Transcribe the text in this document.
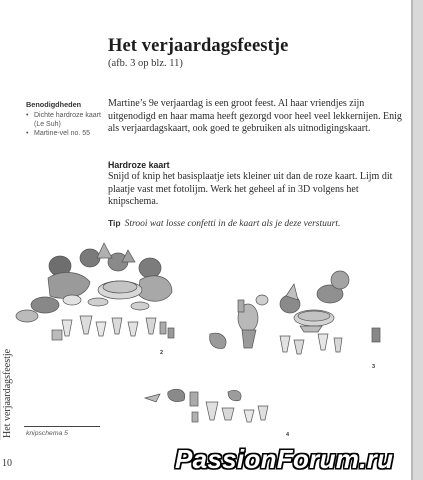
Het verjaardagsfeestje
(afb. 3 op blz. 11)
Benodigdheden
• Dichte hardroze kaart (Le Suh)
• Martine-vel no. 55
Martine’s 9e verjaardag is een groot feest. Al haar vriendjes zijn uitgenodigd en haar mama heeft gezorgd voor heel veel lekkernijen. Enig als verjaardagskaart, ook goed te gebruiken als uitnodigingskaart.
Hardroze kaart
Snijd of knip het basisplaatje iets kleiner uit dan de roze kaart. Lijm dit plaatje vast met fotolijm. Werk het geheel af in 3D volgens het knipschema.
Tip Strooi wat losse confetti in de kaart als je deze verstuurt.
2
3
4
Het verjaardagsfeestje
10
knipschema 5
PassionForum.ru
